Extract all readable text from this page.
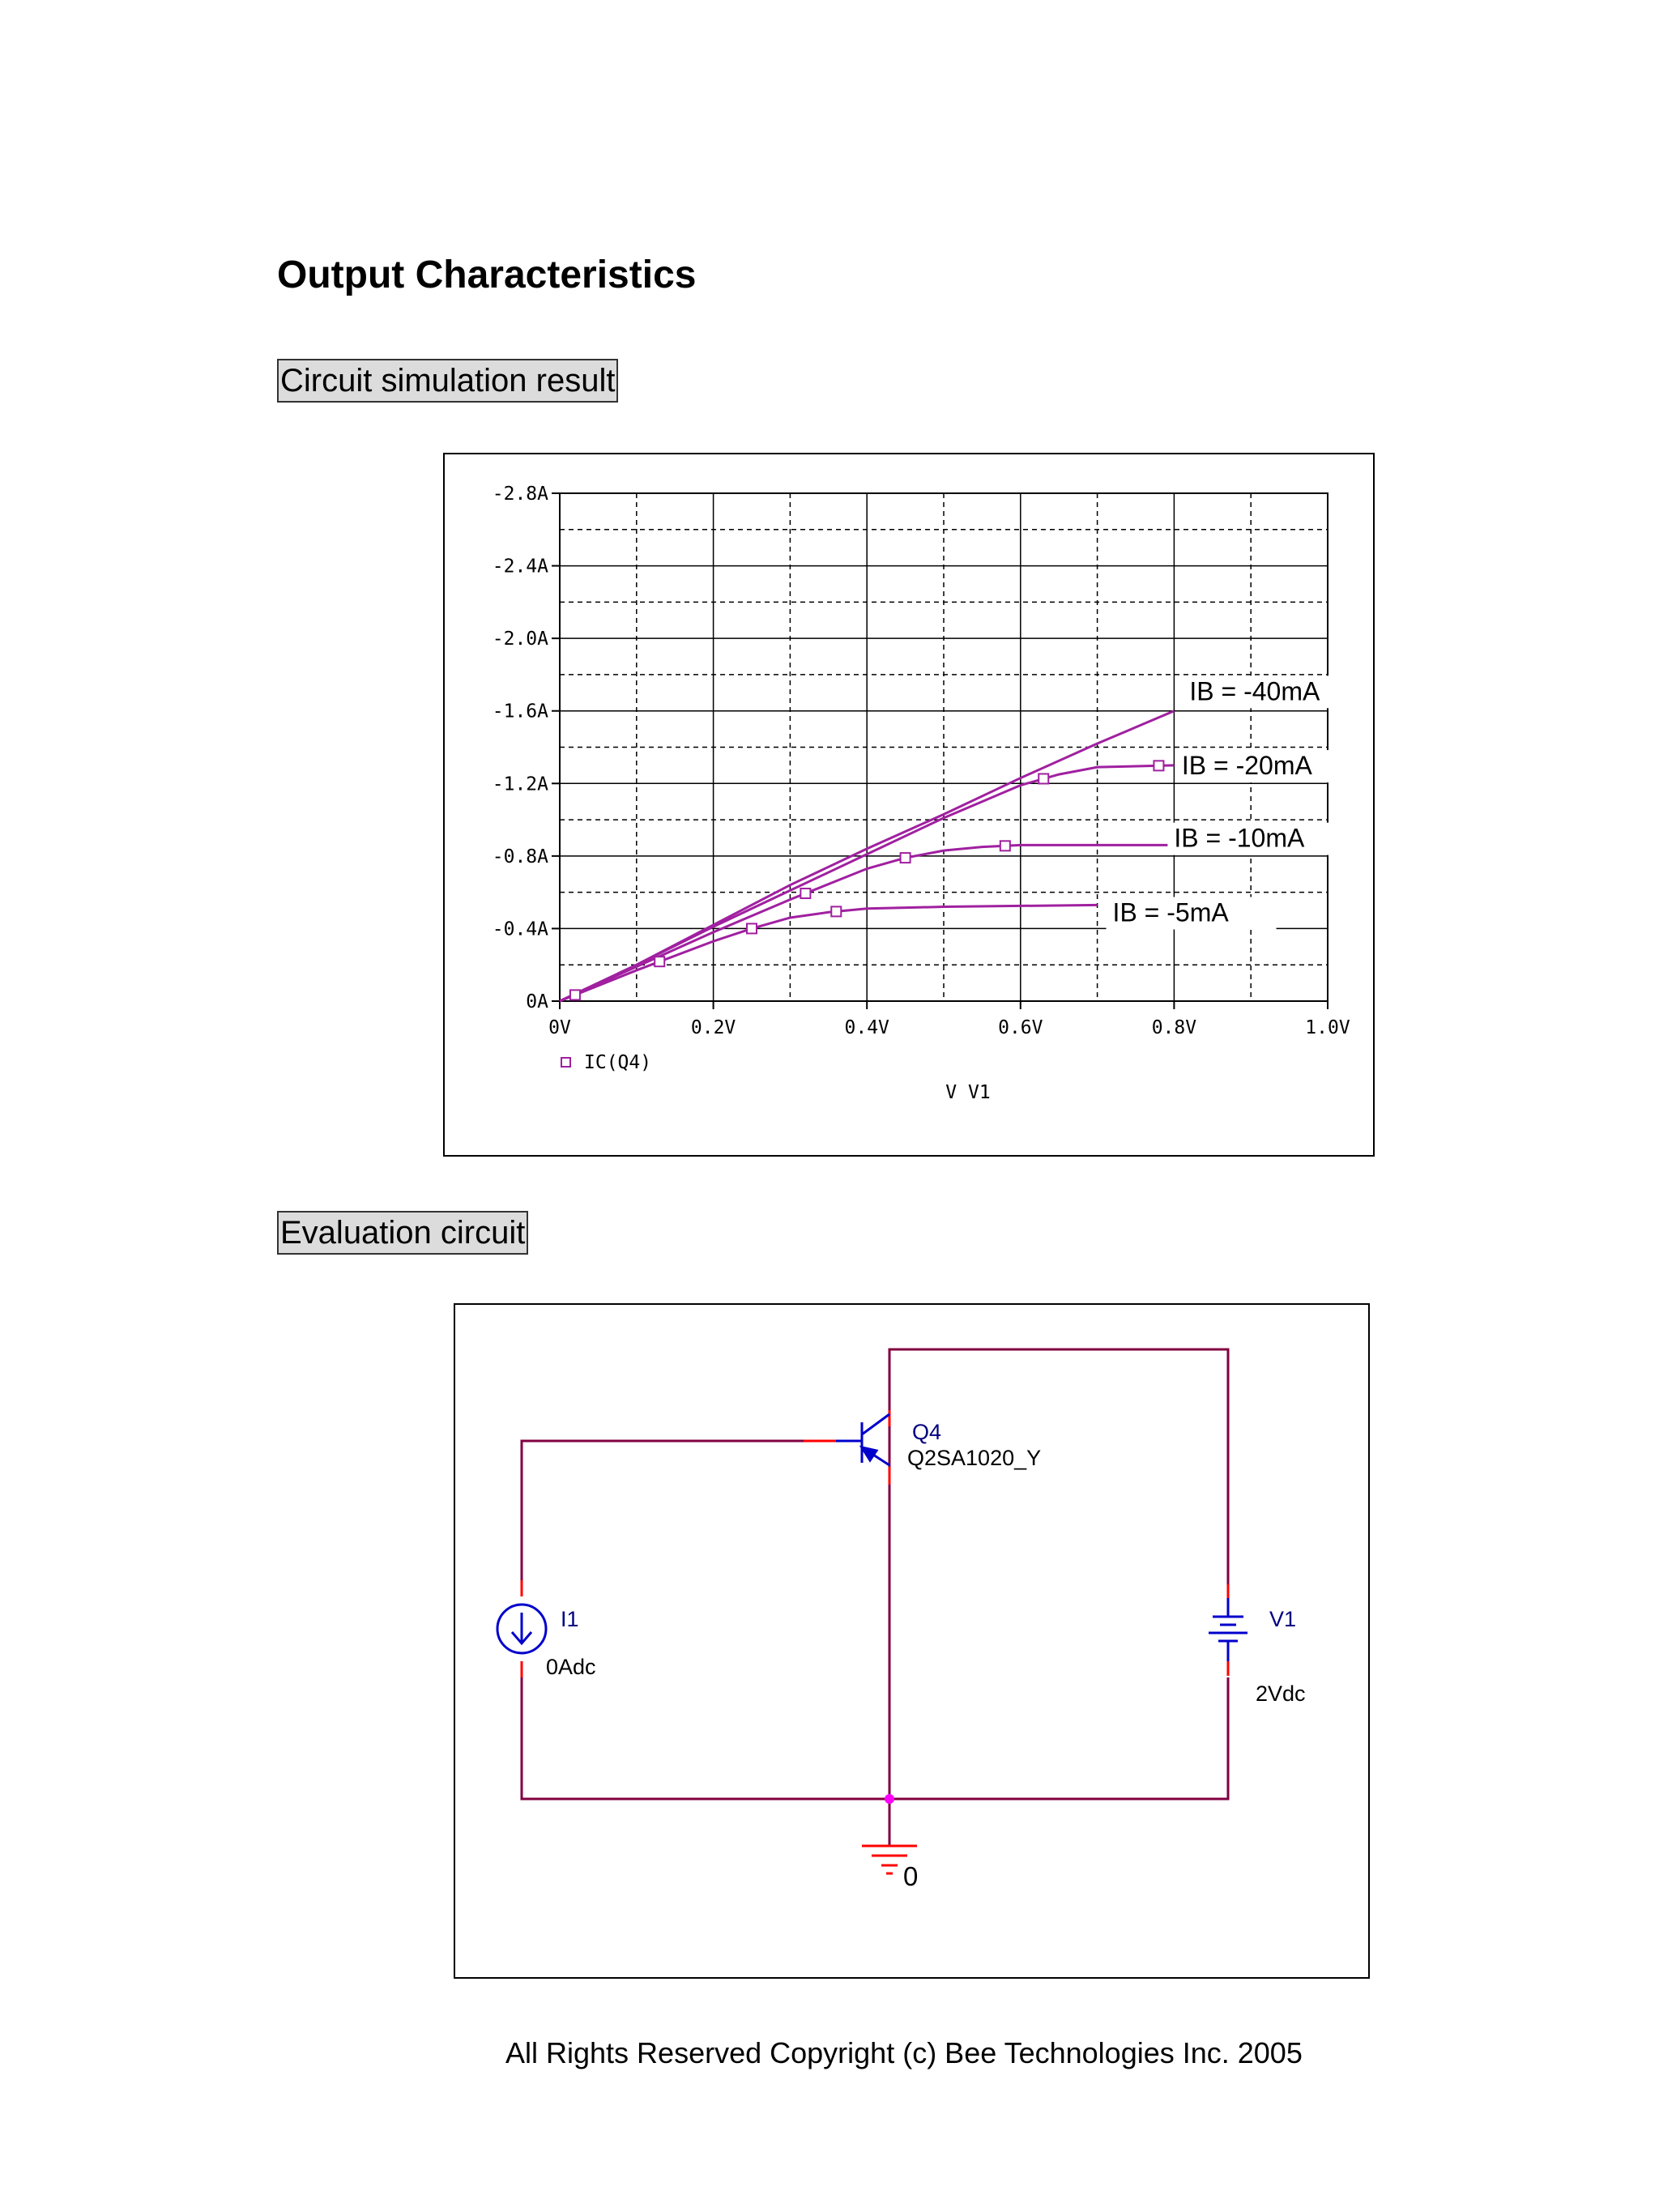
Output Characteristics
Circuit simulation result
0A
-0.4A
-0.8A
-1.2A
-1.6A
-2.0A
-2.4A
-2.8A
0V	0.2V	0.4V	0.6V	0.8V	1.0V
IB = -40mA
IB = -20mA
IB = -10mA
IB = -5mA
IC(Q4)
V V1
Evaluation circuit
Q4
Q2SA1020_Y
I1
0Adc
V1
2Vdc
0
All Rights Reserved Copyright (c) Bee Technologies Inc. 2005
